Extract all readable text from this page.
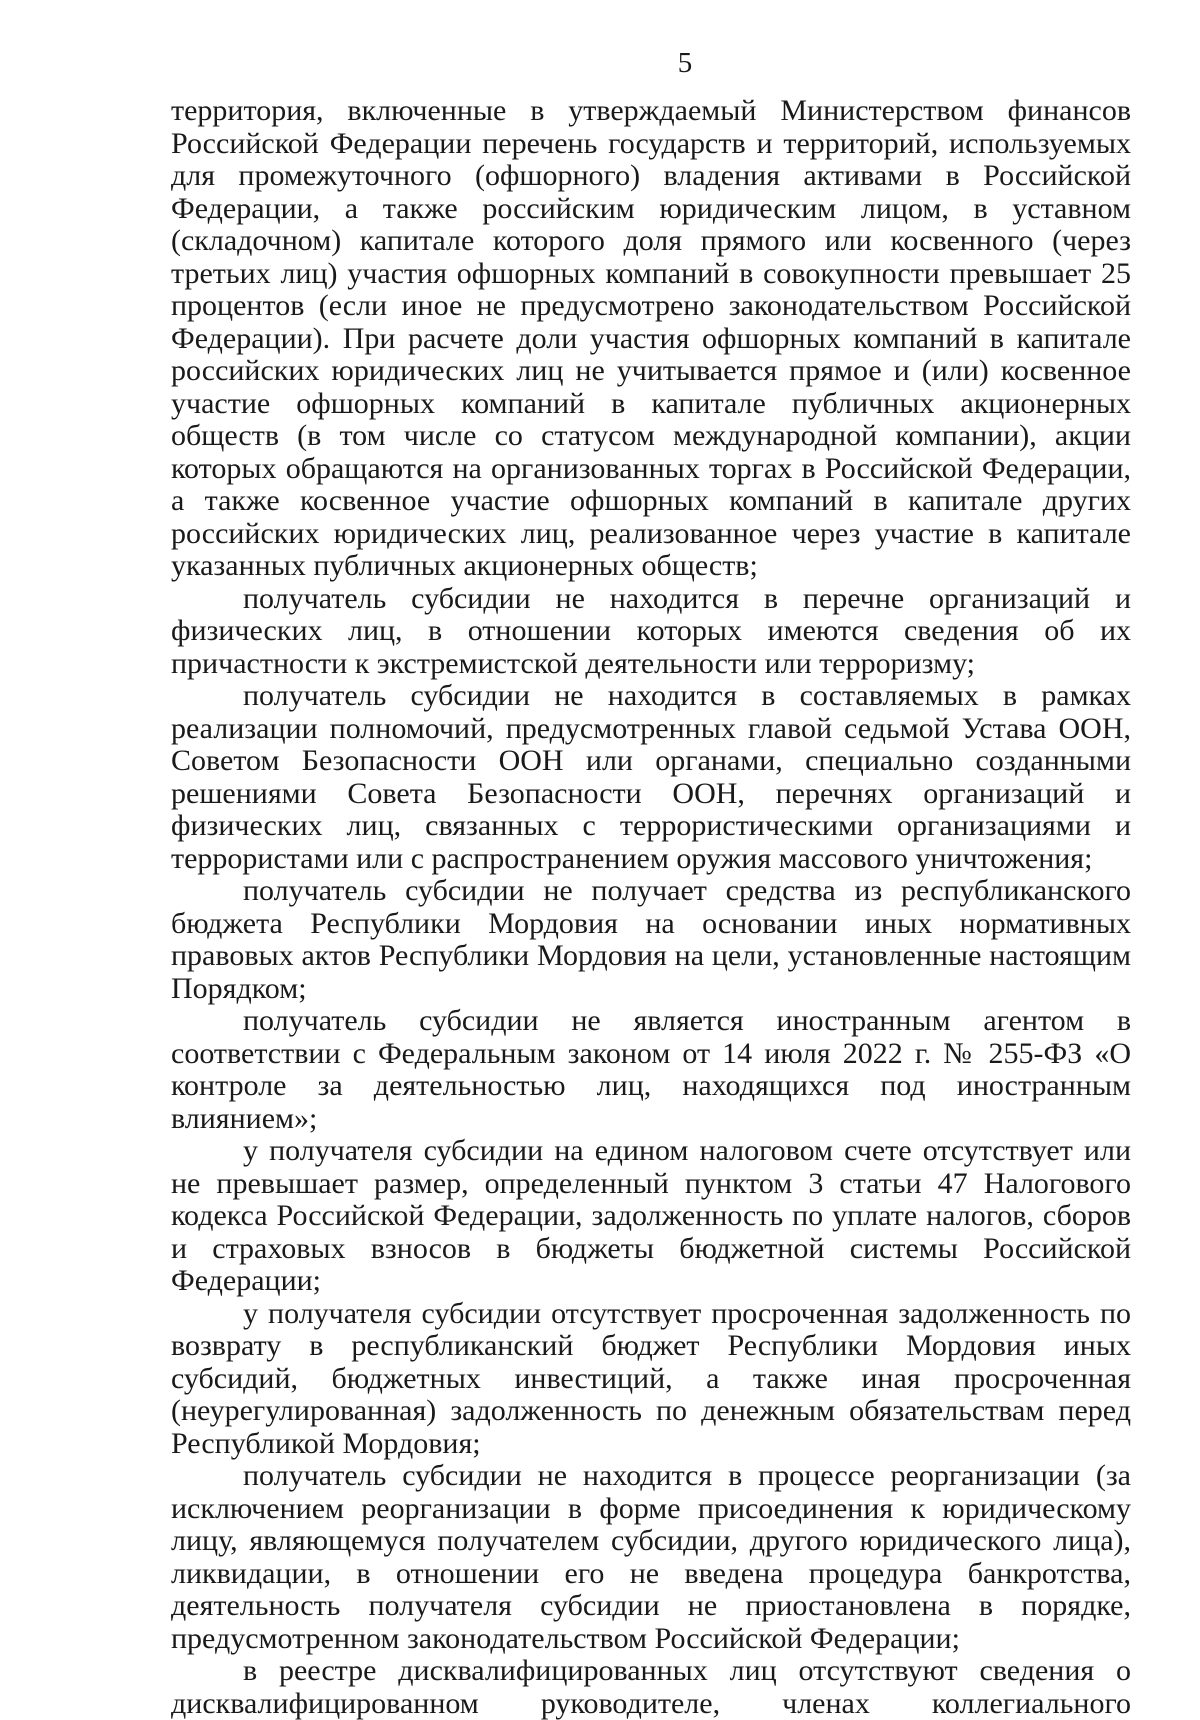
5

территория, включенные в утверждаемый Министерством финансов Российской Федерации перечень государств и территорий, используемых для промежуточного (офшорного) владения активами в Российской Федерации, а также российским юридическим лицом, в уставном (складочном) капитале которого доля прямого или косвенного (через третьих лиц) участия офшорных компаний в совокупности превышает 25 процентов (если иное не предусмотрено законодательством Российской Федерации). При расчете доли участия офшорных компаний в капитале российских юридических лиц не учитывается прямое и (или) косвенное участие офшорных компаний в капитале публичных акционерных обществ (в том числе со статусом международной компании), акции которых обращаются на организованных торгах в Российской Федерации, а также косвенное участие офшорных компаний в капитале других российских юридических лиц, реализованное через участие в капитале указанных публичных акционерных обществ;

получатель субсидии не находится в перечне организаций и физических лиц, в отношении которых имеются сведения об их причастности к экстремистской деятельности или терроризму;

получатель субсидии не находится в составляемых в рамках реализации полномочий, предусмотренных главой седьмой Устава ООН, Советом Безопасности ООН или органами, специально созданными решениями Совета Безопасности ООН, перечнях организаций и физических лиц, связанных с террористическими организациями и террористами или с распространением оружия массового уничтожения;

получатель субсидии не получает средства из республиканского бюджета Республики Мордовия на основании иных нормативных правовых актов Республики Мордовия на цели, установленные настоящим Порядком;

получатель субсидии не является иностранным агентом в соответствии с Федеральным законом от 14 июля 2022 г. № 255-ФЗ «О контроле за деятельностью лиц, находящихся под иностранным влиянием»;

у получателя субсидии на едином налоговом счете отсутствует или не превышает размер, определенный пунктом 3 статьи 47 Налогового кодекса Российской Федерации, задолженность по уплате налогов, сборов и страховых взносов в бюджеты бюджетной системы Российской Федерации;

у получателя субсидии отсутствует просроченная задолженность по возврату в республиканский бюджет Республики Мордовия иных субсидий, бюджетных инвестиций, а также иная просроченная (неурегулированная) задолженность по денежным обязательствам перед Республикой Мордовия;

получатель субсидии не находится в процессе реорганизации (за исключением реорганизации в форме присоединения к юридическому лицу, являющемуся получателем субсидии, другого юридического лица), ликвидации, в отношении его не введена процедура банкротства, деятельность получателя субсидии не приостановлена в порядке, предусмотренном законодательством Российской Федерации;

в реестре дисквалифицированных лиц отсутствуют сведения о дисквалифицированном руководителе, членах коллегиального
